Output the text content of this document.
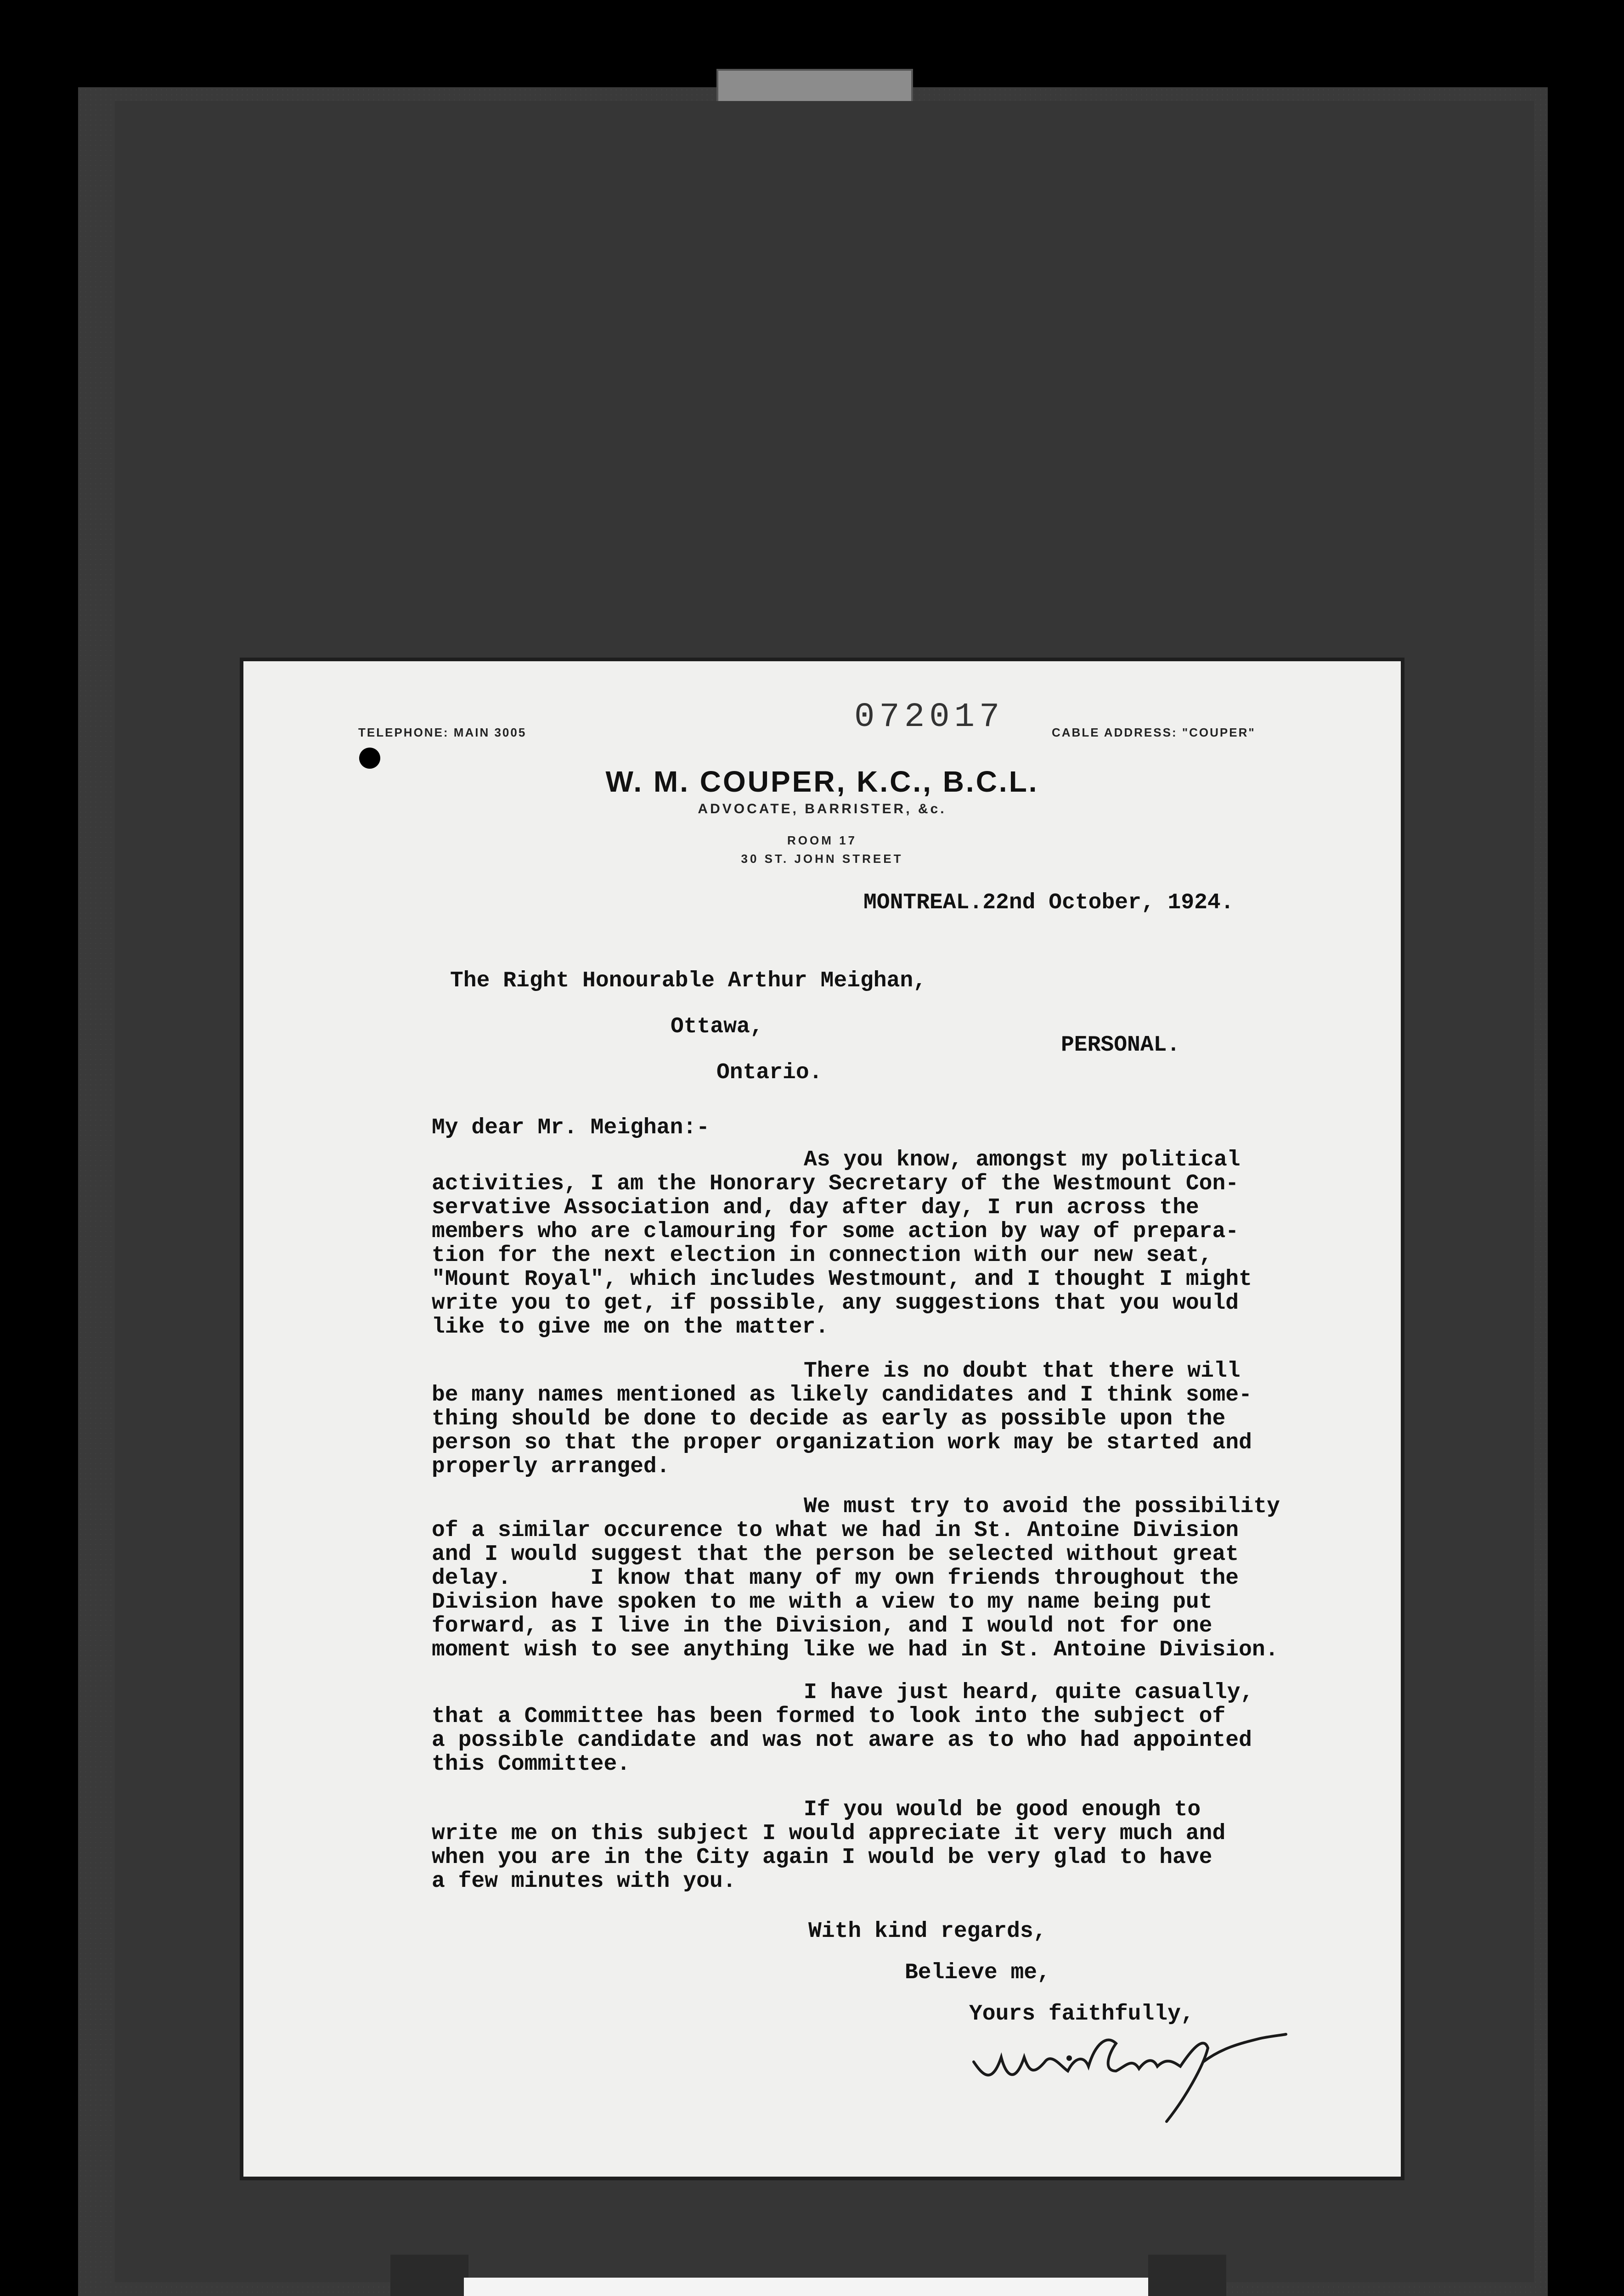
TELEPHONE: MAIN 3005	072017	CABLE ADDRESS: "COUPER"
W. M. COUPER, K.C., B.C.L.
ADVOCATE, BARRISTER, &c.
ROOM 17
30 ST. JOHN STREET
MONTREAL.22nd October, 1924.
The Right Honourable Arthur Meighan,
Ottawa,
PERSONAL.
Ontario.
My dear Mr. Meighan:-
As you know, amongst my political
activities, I am the Honorary Secretary of the Westmount Con-
servative Association and, day after day, I run across the
members who are clamouring for some action by way of prepara-
tion for the next election in connection with our new seat,
"Mount Royal", which includes Westmount, and I thought I might
write you to get, if possible, any suggestions that you would
like to give me on the matter.
There is no doubt that there will
be many names mentioned as likely candidates and I think some-
thing should be done to decide as early as possible upon the
person so that the proper organization work may be started and
properly arranged.
We must try to avoid the possibility
of a similar occurence to what we had in St. Antoine Division
and I would suggest that the person be selected without great
delay.      I know that many of my own friends throughout the
Division have spoken to me with a view to my name being put
forward, as I live in the Division, and I would not for one
moment wish to see anything like we had in St. Antoine Division.
I have just heard, quite casually,
that a Committee has been formed to look into the subject of
a possible candidate and was not aware as to who had appointed
this Committee.
If you would be good enough to
write me on this subject I would appreciate it very much and
when you are in the City again I would be very glad to have
a few minutes with you.
With kind regards,
Believe me,
Yours faithfully,
